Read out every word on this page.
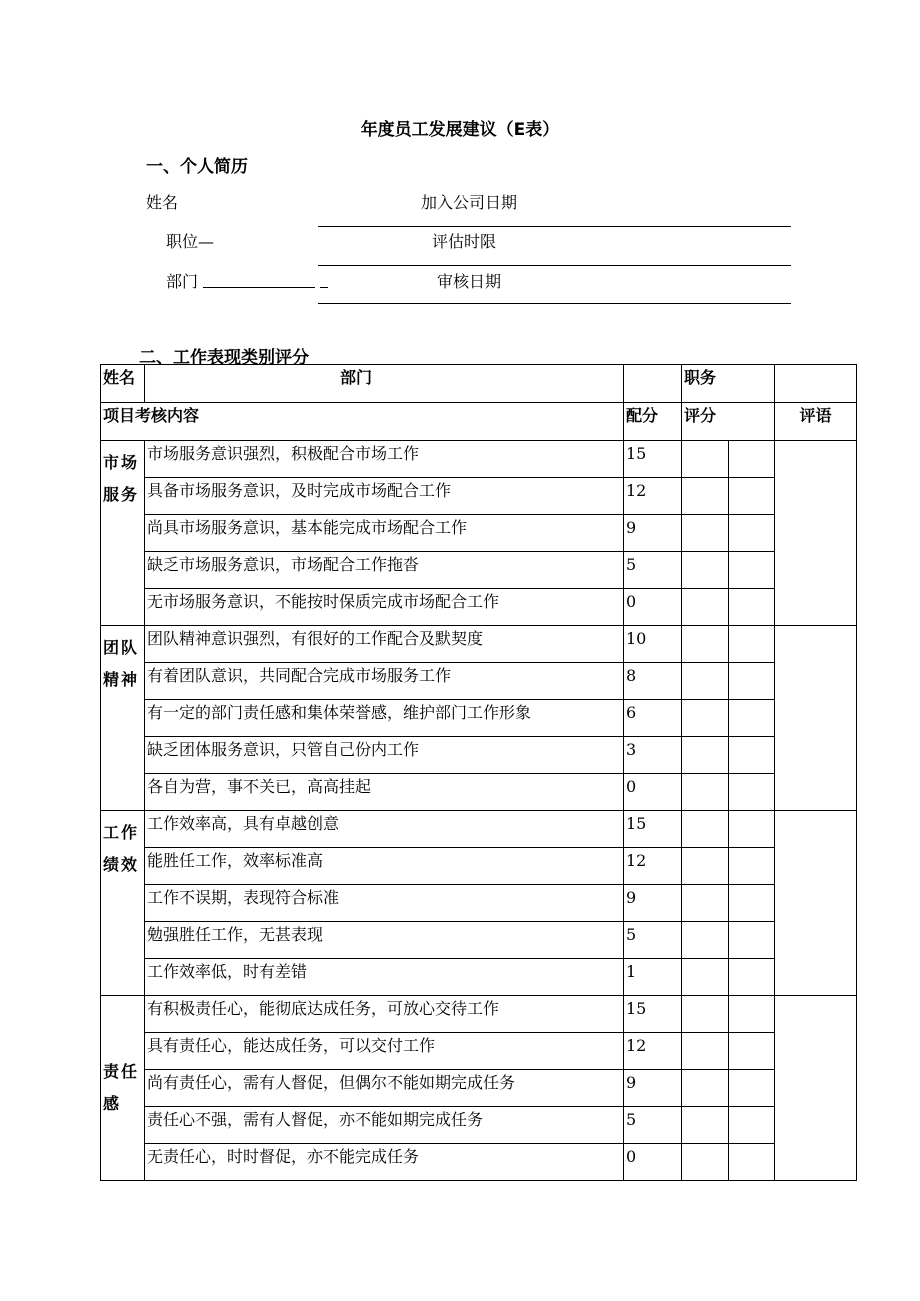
年度员工发展建议（E表）
一、个人简历
姓名	加入公司日期
职位—	评估时限
部门	审核日期
二、工作表现类别评分
姓名	部门		职务		
项目考核内容		配分	评分		评语
市场服务	市场服务意识强烈，积极配合市场工作	15			
	具备市场服务意识，及时完成市场配合工作	12			
	尚具市场服务意识，基本能完成市场配合工作	9			
	缺乏市场服务意识，市场配合工作拖沓	5			
	无市场服务意识，不能按时保质完成市场配合工作	0			
团队精神	团队精神意识强烈，有很好的工作配合及默契度	10			
	有着团队意识，共同配合完成市场服务工作	8			
	有一定的部门责任感和集体荣誉感，维护部门工作形象	6			
	缺乏团体服务意识，只管自己份内工作	3			
	各自为营，事不关已，高高挂起	0			
工作绩效	工作效率高，具有卓越创意	15			
	能胜任工作，效率标准高	12			
	工作不误期，表现符合标准	9			
	勉强胜任工作，无甚表现	5			
	工作效率低，时有差错	1			
责任感	有积极责任心，能彻底达成任务，可放心交待工作	15			
	具有责任心，能达成任务，可以交付工作	12			
	尚有责任心，需有人督促，但偶尔不能如期完成任务	9			
	责任心不强，需有人督促，亦不能如期完成任务	5			
	无责任心，时时督促，亦不能完成任务	0			
